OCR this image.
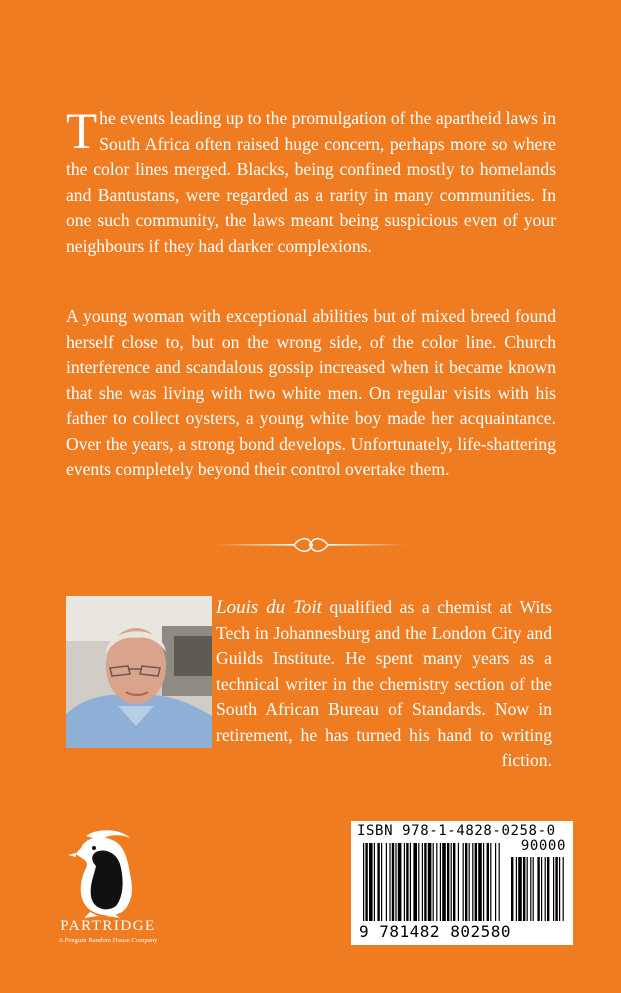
The events leading up to the promulgation of the apartheid laws in South Africa often raised huge concern, perhaps more so where the color lines merged. Blacks, being confined mostly to homelands and Bantustans, were regarded as a rarity in many communities. In one such community, the laws meant being suspicious even of your neighbours if they had darker complexions.

A young woman with exceptional abilities but of mixed breed found herself close to, but on the wrong side, of the color line. Church interference and scandalous gossip increased when it became known that she was living with two white men. On regular visits with his father to collect oysters, a young white boy made her acquaintance. Over the years, a strong bond develops. Unfortunately, life-shattering events completely beyond their control overtake them.

Louis du Toit qualified as a chemist at Wits Tech in Johannesburg and the London City and Guilds Institute. He spent many years as a technical writer in the chemistry section of the South African Bureau of Standards. Now in retirement, he has turned his hand to writing fiction.

PARTRIDGE
A Penguin Random House Company
ISBN 978-1-4828-0258-0
90000
9 781482 802580
